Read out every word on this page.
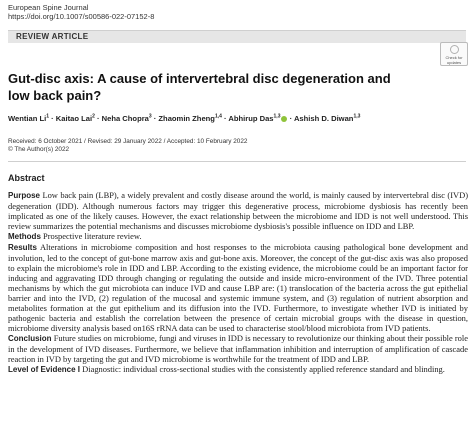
European Spine Journal
https://doi.org/10.1007/s00586-022-07152-8
REVIEW ARTICLE
Check for updates
Gut-disc axis: A cause of intervertebral disc degeneration and low back pain?
Wentian $Li^1$ · Kaitao Lai$^2$ · Neha Chopra$^3$ · Zhaomin Zheng$^{1,4}$ · Abhirup Das$^{1,3}$ · Ashish D. Diwan$^{1,3}$
Received: 6 October 2021 / Revised: 29 January 2022 / Accepted: 10 February 2022
© The Author(s) 2022
Abstract

Purpose Low back pain (LBP), a widely prevalent and costly disease around the world, is mainly caused by intervertebral disc (IVD) degeneration (IDD). Although numerous factors may trigger this degenerative process, microbiome dysbiosis has recently been implicated as one of the likely causes. However, the exact relationship between the microbiome and IDD is not well understood. This review summarizes the potential mechanisms and discusses microbiome dysbiosis's possible influence on IDD and LBP.

Methods Prospective literature review.

Results Alterations in microbiome composition and host responses to the microbiota causing pathological bone development and involution, led to the concept of gut-bone marrow axis and gut-bone axis. Moreover, the concept of the gut-disc axis was also proposed to explain the microbiome's role in IDD and LBP. According to the existing evidence, the microbiome could be an important factor for inducing and aggravating IDD through changing or regulating the outside and inside micro-environment of the IVD. Three potential mechanisms by which the gut microbiota can induce IVD and cause LBP are: (1) translocation of the bacteria across the gut epithelial barrier and into the IVD, (2) regulation of the mucosal and systemic immune system, and (3) regulation of nutrient absorption and metabolites formation at the gut epithelium and its diffusion into the IVD. Furthermore, to investigate whether IVD is initiated by pathogenic bacteria and establish the correlation between the presence of certain microbial groups with the disease in question, microbiome diversity analysis based on16S rRNA data can be used to characterise stool/blood microbiota from IVD patients.

Conclusion Future studies on microbiome, fungi and viruses in IDD is necessary to revolutionize our thinking about their possible role in the development of IVD diseases. Furthermore, we believe that inflammation inhibition and interruption of amplification of cascade reaction in IVD by targeting the gut and IVD microbiome is worthwhile for the treatment of IDD and LBP.

Level of Evidence I Diagnostic: individual cross-sectional studies with the consistently applied reference standard and blinding.
